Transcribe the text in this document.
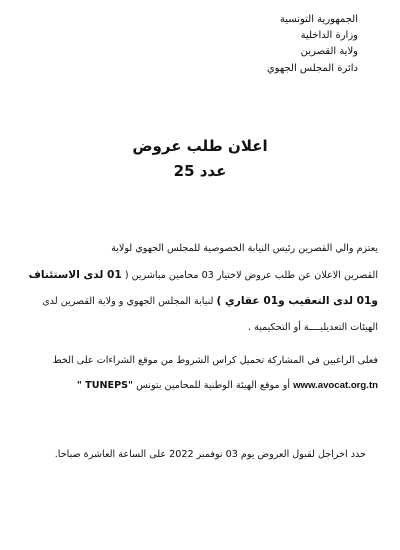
الجمهورية التونسية
وزارة الداخلية
ولاية القصرين
دائرة المجلس الجهوي
اعلان طلب عروض
عدد 25
يعتزم والي القصرين رئيس النيابة الخصوصية للمجلس الجهوي لولاية
القصرين الاعلان عن طلب عروض لاختيار 03 محامين مباشرين ( 01 لدى الاستئناف
و01 لدى التعقيب و01 عقاري ) لنيابة المجلس الجهوي و ولاية القصرين لدى
الهيئات التعديليــــة أو التحكيمية .
فعلى الراغبين في المشاركة تحميل كراس الشروط من موقع الشراءات على الخط
" TUNEPS" أو موقع الهيئة الوطنية للمحامين بتونس www.avocat.org.tn
حدد اخراجل لقبول العروض يوم 03 نوفمبر 2022 على الساعة العاشرة صباحا.
